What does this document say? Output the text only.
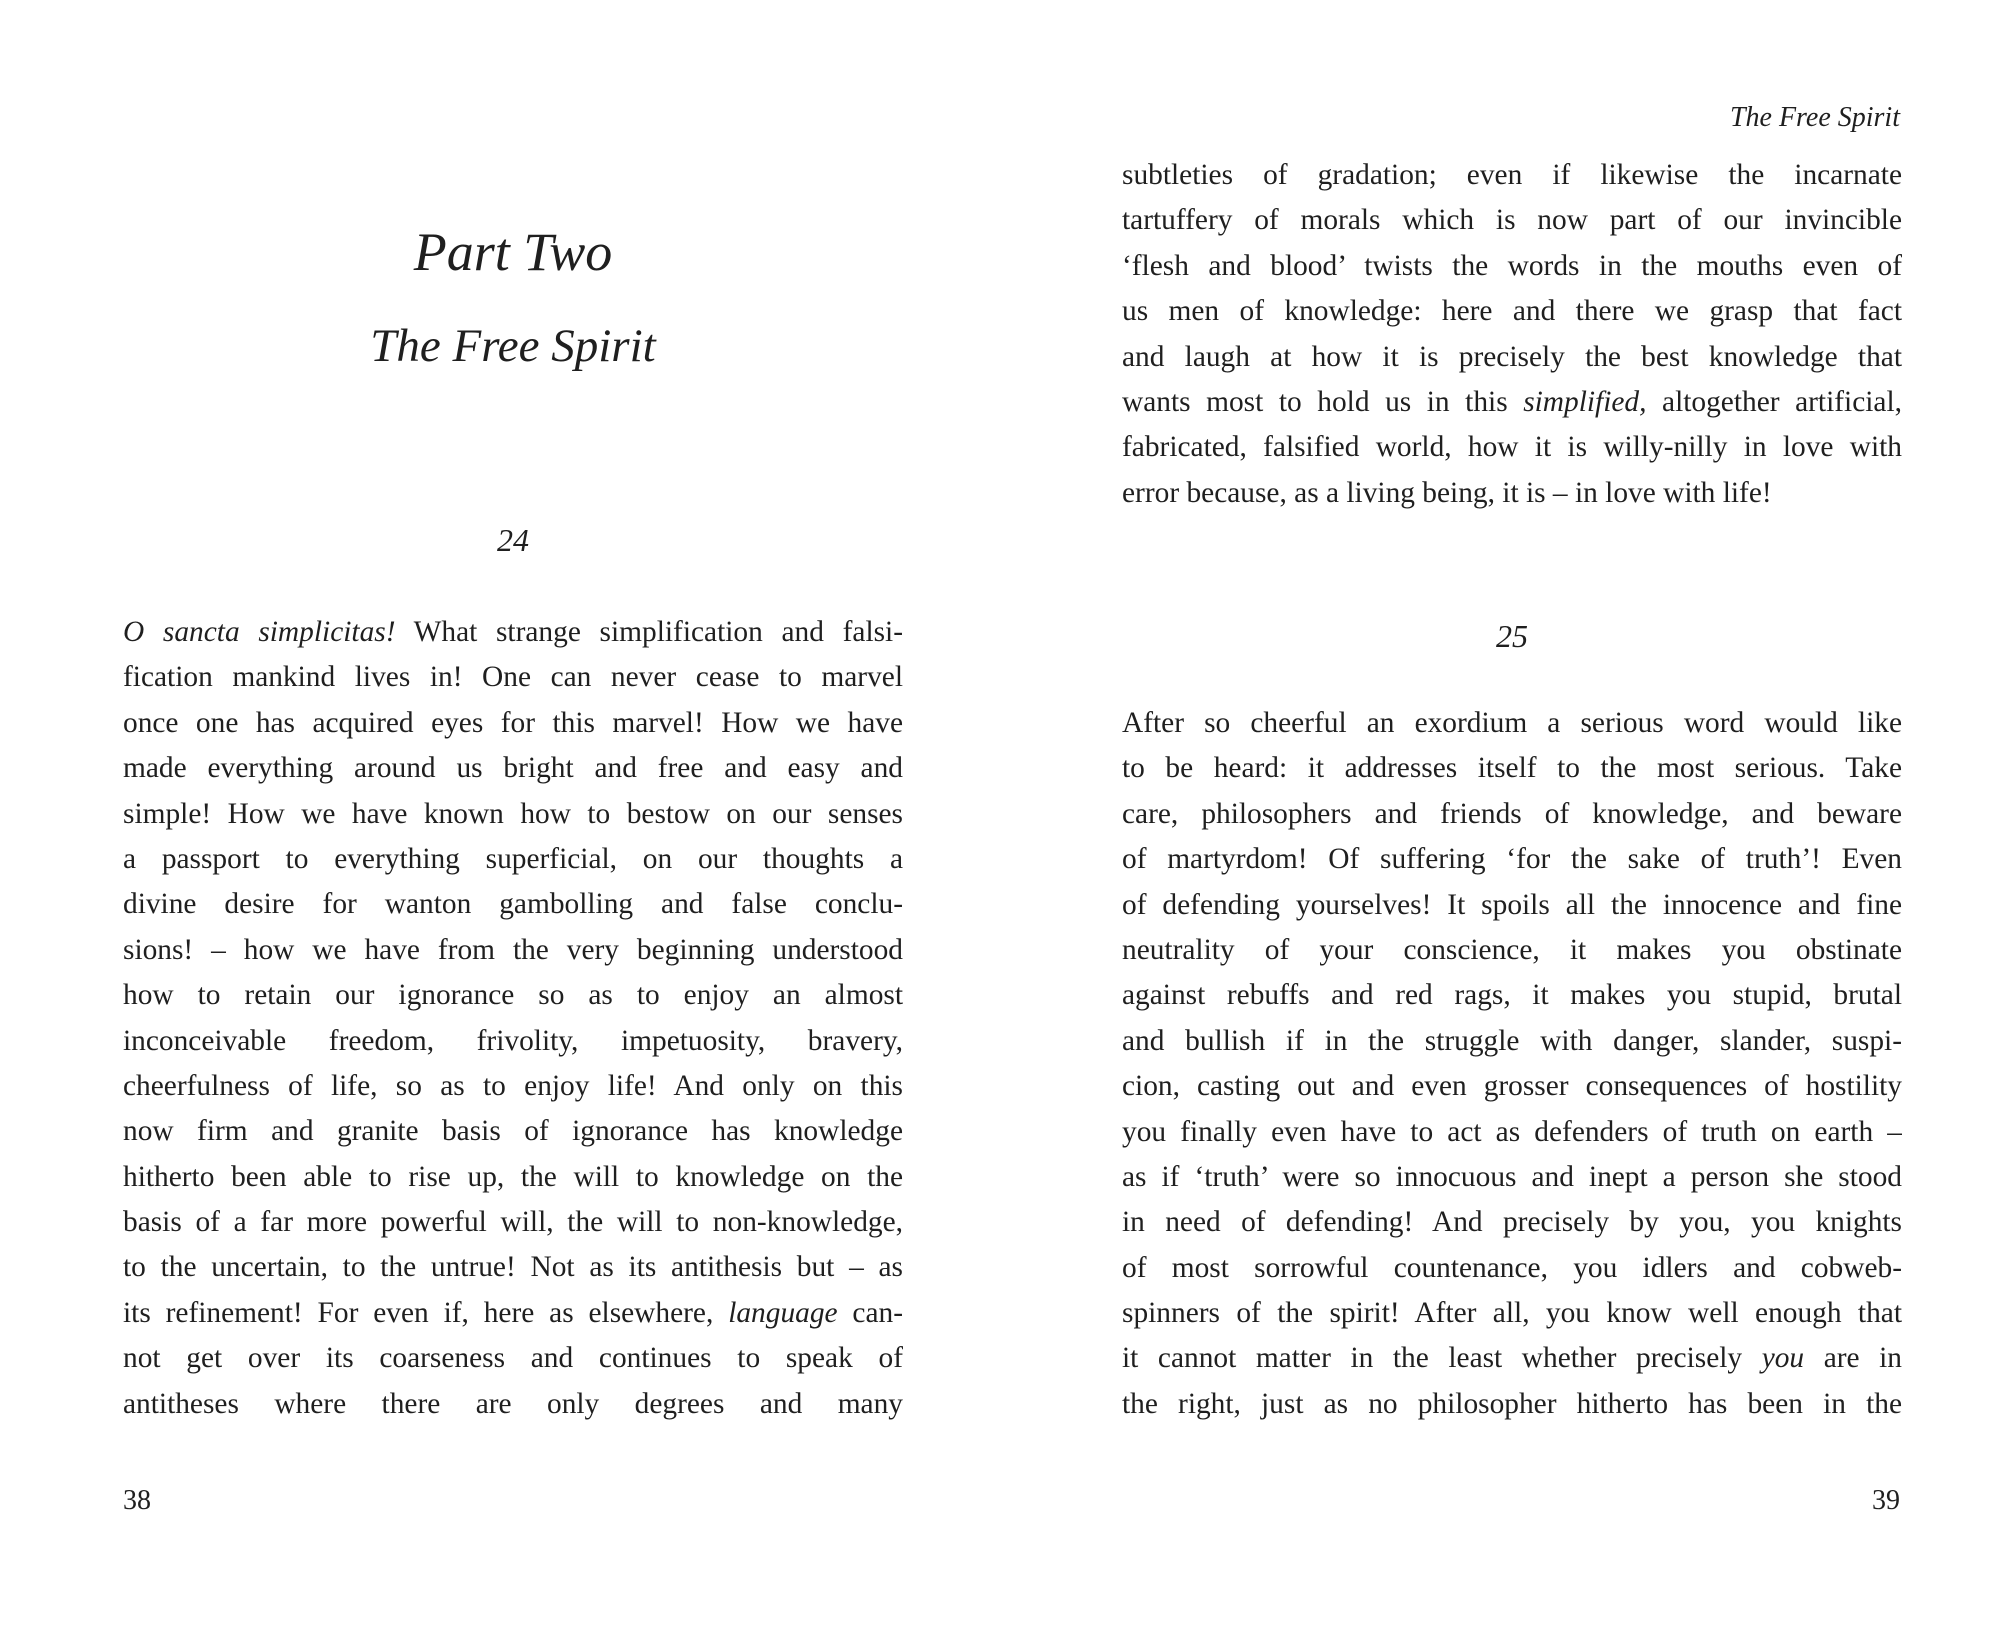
Part Two
The Free Spirit
24
O sancta simplicitas! What strange simplification and falsi-
fication mankind lives in! One can never cease to marvel
once one has acquired eyes for this marvel! How we have
made everything around us bright and free and easy and
simple! How we have known how to bestow on our senses
a passport to everything superficial, on our thoughts a
divine desire for wanton gambolling and false conclu-
sions! – how we have from the very beginning understood
how to retain our ignorance so as to enjoy an almost
inconceivable freedom, frivolity, impetuosity, bravery,
cheerfulness of life, so as to enjoy life! And only on this
now firm and granite basis of ignorance has knowledge
hitherto been able to rise up, the will to knowledge on the
basis of a far more powerful will, the will to non-knowledge,
to the uncertain, to the untrue! Not as its antithesis but – as
its refinement! For even if, here as elsewhere, language can-
not get over its coarseness and continues to speak of
antitheses where there are only degrees and many
38
The Free Spirit
subtleties of gradation; even if likewise the incarnate
tartuffery of morals which is now part of our invincible
‘flesh and blood’ twists the words in the mouths even of
us men of knowledge: here and there we grasp that fact
and laugh at how it is precisely the best knowledge that
wants most to hold us in this simplified, altogether artificial,
fabricated, falsified world, how it is willy-nilly in love with
error because, as a living being, it is – in love with life!
25
After so cheerful an exordium a serious word would like
to be heard: it addresses itself to the most serious. Take
care, philosophers and friends of knowledge, and beware
of martyrdom! Of suffering ‘for the sake of truth’! Even
of defending yourselves! It spoils all the innocence and fine
neutrality of your conscience, it makes you obstinate
against rebuffs and red rags, it makes you stupid, brutal
and bullish if in the struggle with danger, slander, suspi-
cion, casting out and even grosser consequences of hostility
you finally even have to act as defenders of truth on earth –
as if ‘truth’ were so innocuous and inept a person she stood
in need of defending! And precisely by you, you knights
of most sorrowful countenance, you idlers and cobweb-
spinners of the spirit! After all, you know well enough that
it cannot matter in the least whether precisely you are in
the right, just as no philosopher hitherto has been in the
39
